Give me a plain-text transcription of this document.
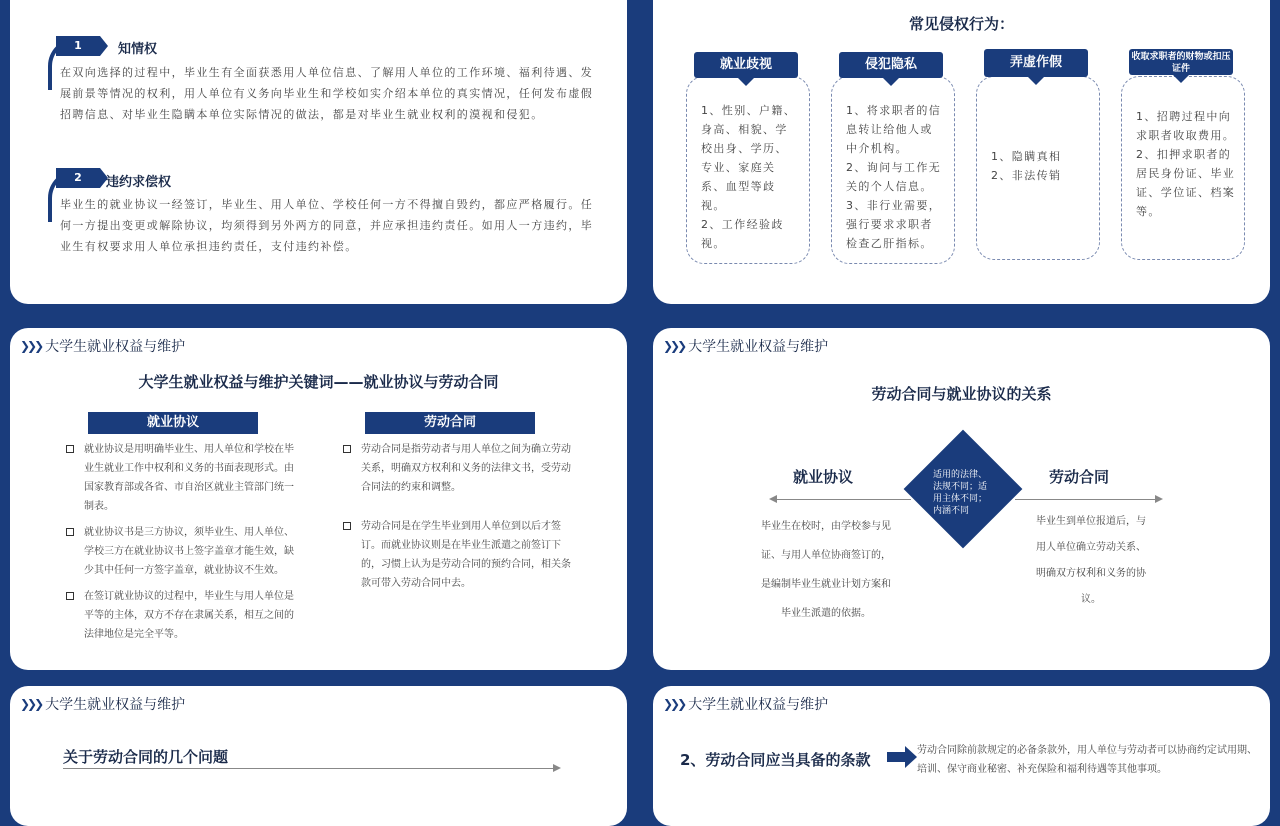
1	知情权
在双向选择的过程中，毕业生有全面获悉用人单位信息、了解用人单位的工作环境、福利待遇、发展前景等情况的权利，用人单位有义务向毕业生和学校如实介绍本单位的真实情况，任何发布虚假招聘信息、对毕业生隐瞒本单位实际情况的做法，都是对毕业生就业权利的漠视和侵犯。
2	违约求偿权
毕业生的就业协议一经签订，毕业生、用人单位、学校任何一方不得擅自毁约，都应严格履行。任何一方提出变更或解除协议，均须得到另外两方的同意，并应承担违约责任。如用人一方违约，毕业生有权要求用人单位承担违约责任，支付违约补偿。
常见侵权行为：
1、性别、户籍、身高、相貌、学校出身、学历、专业、家庭关系、血型等歧视。
2、工作经验歧视。
就业歧视
1、将求职者的信息转让给他人或中介机构。
2、询问与工作无关的个人信息。
3、非行业需要，强行要求求职者检查乙肝指标。
侵犯隐私
1、隐瞒真相
2、非法传销
弄虚作假
1、招聘过程中向求职者收取费用。
2、扣押求职者的居民身份证、毕业证、学位证、档案等。
收取求职者的财物或扣压证件
❯❯❯ 大学生就业权益与维护
大学生就业权益与维护关键词——就业协议与劳动合同
就业协议	劳动合同
就业协议是用明确毕业生、用人单位和学校在毕业生就业工作中权利和义务的书面表现形式。由国家教育部或各省、市自治区就业主管部门统一制表。
就业协议书是三方协议，须毕业生、用人单位、学校三方在就业协议书上签字盖章才能生效，缺少其中任何一方签字盖章，就业协议不生效。
在签订就业协议的过程中，毕业生与用人单位是平等的主体，双方不存在隶属关系，相互之间的法律地位是完全平等。
劳动合同是指劳动者与用人单位之间为确立劳动关系，明确双方权利和义务的法律文书，受劳动合同法的约束和调整。
劳动合同是在学生毕业到用人单位到以后才签订。而就业协议则是在毕业生派遣之前签订下的，习惯上认为是劳动合同的预约合同，相关条款可带入劳动合同中去。
❯❯❯ 大学生就业权益与维护
劳动合同与就业协议的关系
就业协议	劳动合同
适用的法律、法规不同；适用主体不同；内涵不同
毕业生在校时，由学校参与见证、与用人单位协商签订的，是编制毕业生就业计划方案和毕业生派遣的依据。
毕业生到单位报道后，与用人单位确立劳动关系、明确双方权利和义务的协议。
❯❯❯ 大学生就业权益与维护
关于劳动合同的几个问题
❯❯❯ 大学生就业权益与维护
2、劳动合同应当具备的条款
劳动合同除前款规定的必备条款外，用人单位与劳动者可以协商约定试用期、培训、保守商业秘密、补充保险和福利待遇等其他事项。
